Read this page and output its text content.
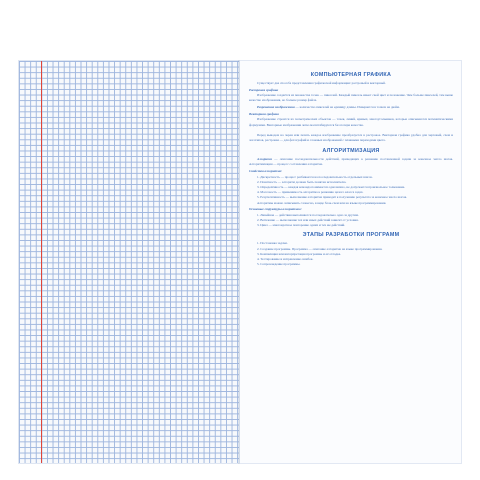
КОМПЬЮТЕРНАЯ ГРАФИКА

Существует два способа представления графической информации: растровый и векторный.

Растровая графика

Изображение создаётся из множества точек — пикселей. Каждый пиксель имеет свой цвет и положение. Чем больше пикселей, тем выше качество изображения, но больше размер файла.

Разрешение изображения — количество пикселей на единицу длины. Измеряется в точках на дюйм.

Векторная графика

Изображение строится из геометрических объектов — точек, линий, кривых, многоугольников, которые описываются математическими формулами. Векторные изображения легко масштабируются без потери качества.

Перед выводом на экран или печать каждое изображение преобразуется в растровое. Векторная графика удобна для чертежей, схем и логотипов, растровая — для фотографий и сложных изображений с плавными переходами цвета.

АЛГОРИТМИЗАЦИЯ

Алгоритм — описание последовательности действий, приводящих к решению поставленной задачи за конечное число шагов. Алгоритмизация — процесс составления алгоритма.

Свойства алгоритма:

1. Дискретность — процесс разбивается на последовательность отдельных шагов.

2. Понятность — алгоритм должен быть понятен исполнителю.

3. Определённость — каждая команда понимается однозначно, не допускается произвольное толкование.

4. Массовость — применимость алгоритма к решению целого класса задач.

5. Результативность — выполнение алгоритма приводит к получению результата за конечное число шагов.

Алгоритмы можно записывать словесно, в виде блок-схем или на языке программирования.

Основные структуры алгоритмов:

1. Линейная — действия выполняются последовательно одно за другим.

2. Ветвление — выполнение тех или иных действий зависит от условия.

3. Цикл — многократное повторение одних и тех же действий.

ЭТАПЫ РАЗРАБОТКИ ПРОГРАММ

1. Постановка задачи.

2. Создание программы. Программа — описание алгоритма на языке программирования.

3. Компиляция или интерпретация программы и её отладка.

4. Тестирование и исправление ошибок.

5. Сопровождение программы.
